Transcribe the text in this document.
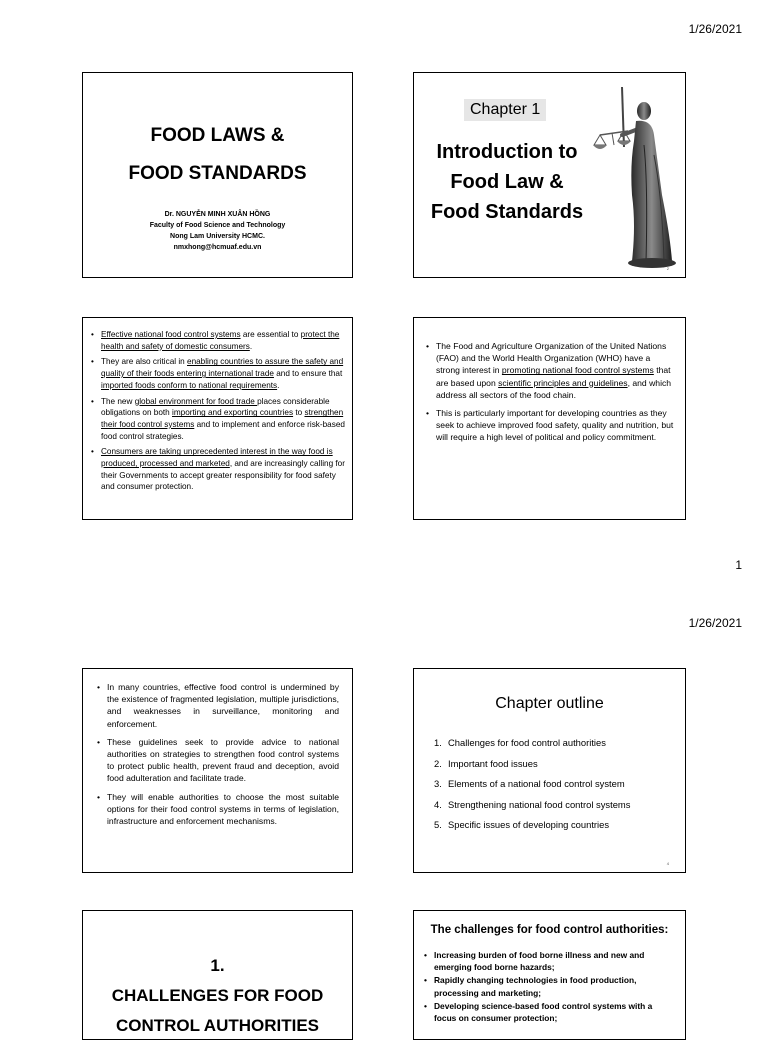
1/26/2021
FOOD LAWS &
FOOD STANDARDS
Dr. NGUYỄN MINH XUÂN HỒNG
Faculty of Food Science and Technology
Nong Lam University HCMC.
nmxhong@hcmuaf.edu.vn
Chapter 1
Introduction to
Food Law &
Food Standards
2
• Effective national food control systems are essential to protect the health and safety of domestic consumers.
• They are also critical in enabling countries to assure the safety and quality of their foods entering international trade and to ensure that imported foods conform to national requirements.
• The new global environment for food trade places considerable obligations on both importing and exporting countries to strengthen their food control systems and to implement and enforce risk-based food control strategies.
• Consumers are taking unprecedented interest in the way food is produced, processed and marketed, and are increasingly calling for their Governments to accept greater responsibility for food safety and consumer protection.
• The Food and Agriculture Organization of the United Nations (FAO) and the World Health Organization (WHO) have a strong interest in promoting national food control systems that are based upon scientific principles and guidelines, and which address all sectors of the food chain.
• This is particularly important for developing countries as they seek to achieve improved food safety, quality and nutrition, but will require a high level of political and policy commitment.
1
1/26/2021
• In many countries, effective food control is undermined by the existence of fragmented legislation, multiple jurisdictions, and weaknesses in surveillance, monitoring and enforcement.
• These guidelines seek to provide advice to national authorities on strategies to strengthen food control systems to protect public health, prevent fraud and deception, avoid food adulteration and facilitate trade.
• They will enable authorities to choose the most suitable options for their food control systems in terms of legislation, infrastructure and enforcement mechanisms.
Chapter outline
1. Challenges for food control authorities
2. Important food issues
3. Elements of a national food control system
4. Strengthening national food control systems
5. Specific issues of developing countries
4
1.
CHALLENGES FOR FOOD
CONTROL AUTHORITIES
The challenges for food control authorities:
• Increasing burden of food borne illness and new and emerging food borne hazards;
• Rapidly changing technologies in food production, processing and marketing;
• Developing science-based food control systems with a focus on consumer protection;
